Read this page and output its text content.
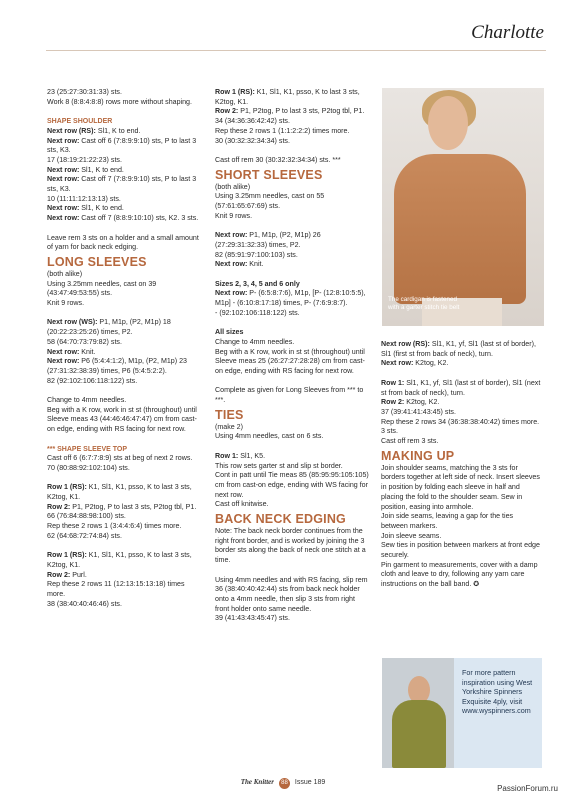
Charlotte

23 (25:27:30:31:33) sts.

Work 8 (8:8:4:8:8) rows more without shaping.

SHAPE SHOULDER

Next row (RS): Sl1, K to end.

Next row: Cast off 6 (7:8:9:9:10) sts, P to last 3 sts, K3.

17 (18:19:21:22:23) sts.

Next row: Sl1, K to end.

Next row: Cast off 7 (7:8:9:9:10) sts, P to last 3 sts, K3.

10 (11:11:12:13:13) sts.

Next row: Sl1, K to end.

Next row: Cast off 7 (8:8:9:10:10) sts, K2. 3 sts.

Leave rem 3 sts on a holder and a small amount of yarn for back neck edging.

LONG SLEEVES

(both alike)

Using 3.25mm needles, cast on 39 (43:47:49:53:55) sts.

Knit 9 rows.

Next row (WS): P1, M1p, (P2, M1p) 18 (20:22:23:25:26) times, P2.

58 (64:70:73:79:82) sts.

Next row: Knit.

Next row: P6 (5:4:4:1:2), M1p, (P2, M1p) 23 (27:31:32:38:39) times, P6 (5:4:5:2:2).

82 (92:102:106:118:122) sts.

Change to 4mm needles.

Beg with a K row, work in st st (throughout) until Sleeve meas 43 (44:46:46:47:47) cm from cast-on edge, ending with RS facing for next row.

*** SHAPE SLEEVE TOP

Cast off 6 (6:7:7:8:9) sts at beg of next 2 rows.

70 (80:88:92:102:104) sts.

Row 1 (RS): K1, Sl1, K1, psso, K to last 3 sts, K2tog, K1.

Row 2: P1, P2tog, P to last 3 sts, P2tog tbl, P1.

66 (76:84:88:98:100) sts.

Rep these 2 rows 1 (3:4:4:6:4) times more.

62 (64:68:72:74:84) sts.

Row 1 (RS): K1, Sl1, K1, psso, K to last 3 sts, K2tog, K1.

Row 2: Purl.

Rep these 2 rows 11 (12:13:15:13:18) times more.

38 (38:40:40:46:46) sts.

Row 1 (RS): K1, Sl1, K1, psso, K to last 3 sts, K2tog, K1.

Row 2: P1, P2tog, P to last 3 sts, P2tog tbl, P1.

34 (34:36:36:42:42) sts.

Rep these 2 rows 1 (1:1:2:2:2) times more.

30 (30:32:32:34:34) sts.

Cast off rem 30 (30:32:32:34:34) sts. ***

SHORT SLEEVES

(both alike)

Using 3.25mm needles, cast on 55 (57:61:65:67:69) sts.

Knit 9 rows.

Next row: P1, M1p, (P2, M1p) 26 (27:29:31:32:33) times, P2.

82 (85:91:97:100:103) sts.

Next row: Knit.

Sizes 2, 3, 4, 5 and 6 only

Next row: P- (6:5:8:7:6), M1p, [P- (12:8:10:5:5), M1p] - (6:10:8:17:18) times, P- (7:6:9:8:7).

- (92:102:106:118:122) sts.

All sizes

Change to 4mm needles.

Beg with a K row, work in st st (throughout) until Sleeve meas 25 (26:27:27:28:28) cm from cast-on edge, ending with RS facing for next row.

Complete as given for Long Sleeves from *** to ***.

TIES

(make 2)

Using 4mm needles, cast on 6 sts.

Row 1: Sl1, K5.

This row sets garter st and slip st border.

Cont in patt until Tie meas 85 (85:95:95:105:105) cm from cast-on edge, ending with WS facing for next row.

Cast off knitwise.

BACK NECK EDGING

Note: The back neck border continues from the right front border, and is worked by joining the 3 border sts along the back of neck one stitch at a time.

Using 4mm needles and with RS facing, slip rem 36 (38:40:40:42:44) sts from back neck holder onto a 4mm needle, then slip 3 sts from right front holder onto same needle.

39 (41:43:43:45:47) sts.

The cardigan is fastened with a garter stitch tie belt

Next row (RS): Sl1, K1, yf, Sl1 (last st of border), Sl1 (first st from back of neck), turn.

Next row: K2tog, K2.

Row 1: Sl1, K1, yf, Sl1 (last st of border), Sl1 (next st from back of neck), turn.

Row 2: K2tog, K2.

37 (39:41:41:43:45) sts.

Rep these 2 rows 34 (36:38:38:40:42) times more. 3 sts.

Cast off rem 3 sts.

MAKING UP

Join shoulder seams, matching the 3 sts for borders together at left side of neck. Insert sleeves in position by folding each sleeve in half and placing the fold to the shoulder seam. Sew in position, easing into armhole.

Join side seams, leaving a gap for the ties between markers.

Join sleeve seams.

Sew ties in position between markers at front edge securely.

Pin garment to measurements, cover with a damp cloth and leave to dry, following any yarn care instructions on the ball band. ✪

For more pattern inspiration using West Yorkshire Spinners Exquisite 4ply, visit www.wyspinners.com
The Knitter 88 Issue 189
PassionForum.ru
